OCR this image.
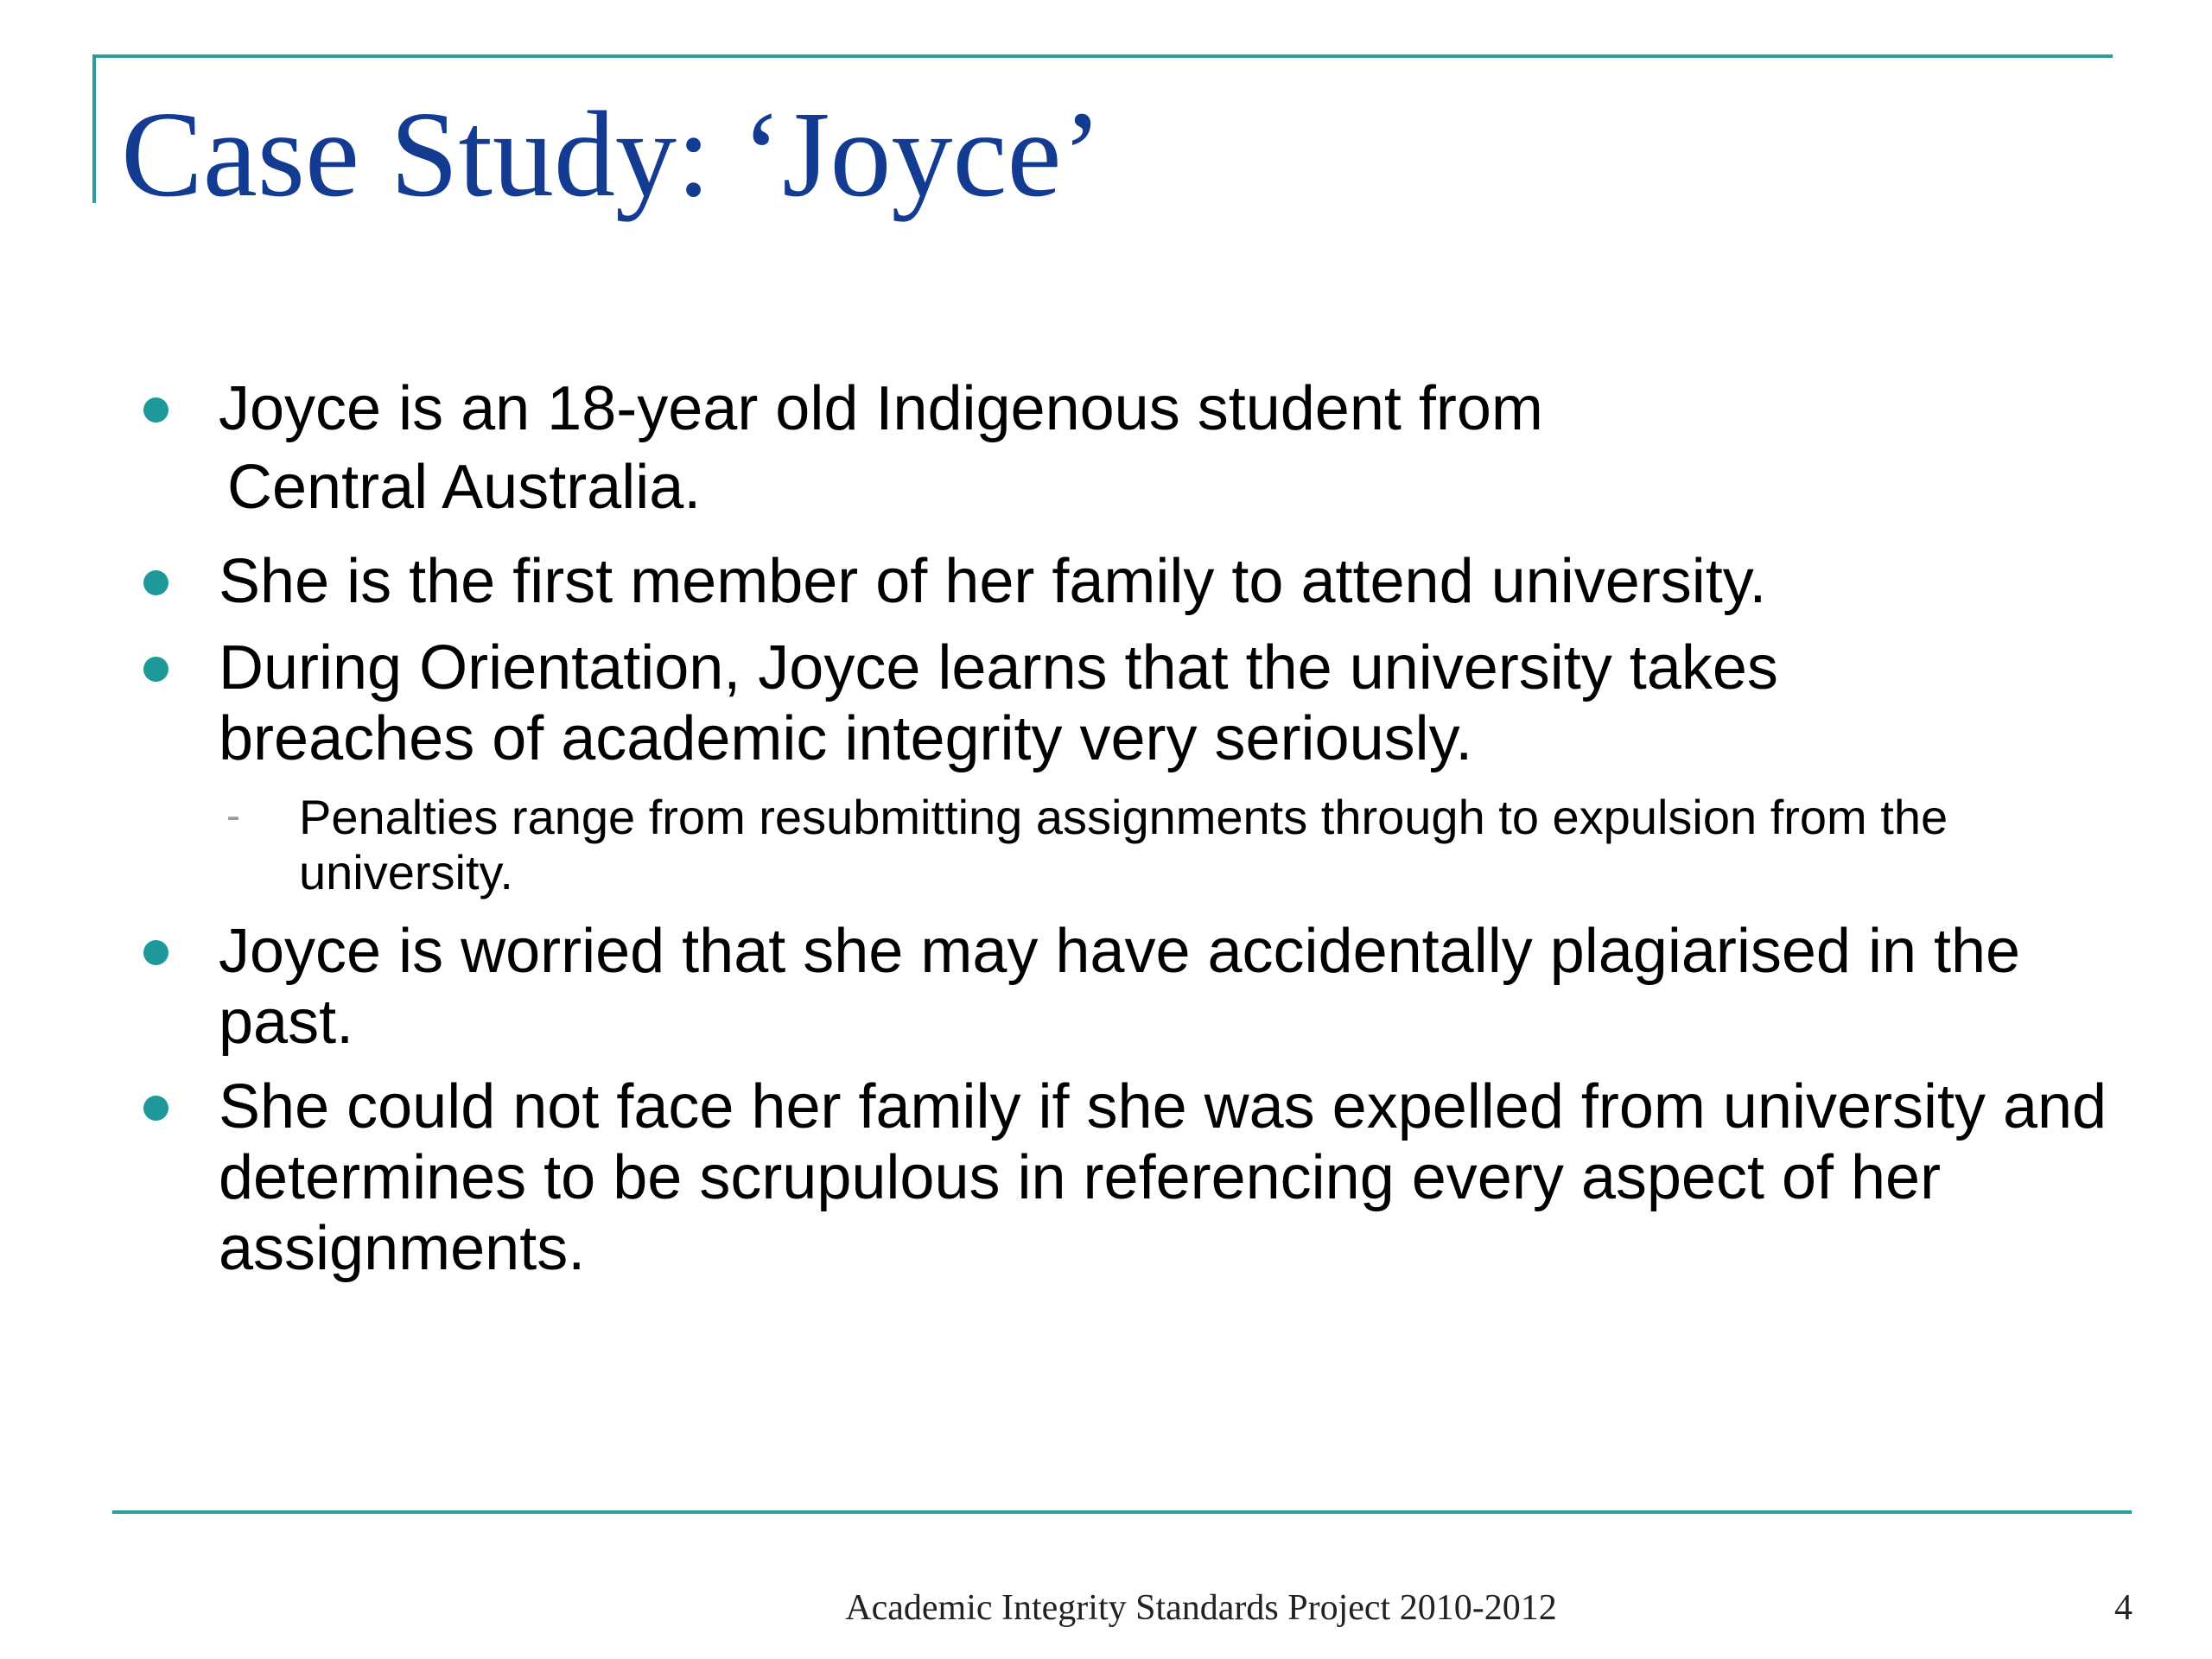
Case Study: ‘Joyce’
Joyce is an 18-year old Indigenous student from
Central Australia.

She is the first member of her family to attend university.

During Orientation, Joyce learns that the university takes breaches of academic integrity very seriously.

- Penalties range from resubmitting assignments through to expulsion from the university.

Joyce is worried that she may have accidentally plagiarised in the past.

She could not face her family if she was expelled from university and determines to be scrupulous in referencing every aspect of her assignments.

Academic Integrity Standards Project 2010-2012	4
